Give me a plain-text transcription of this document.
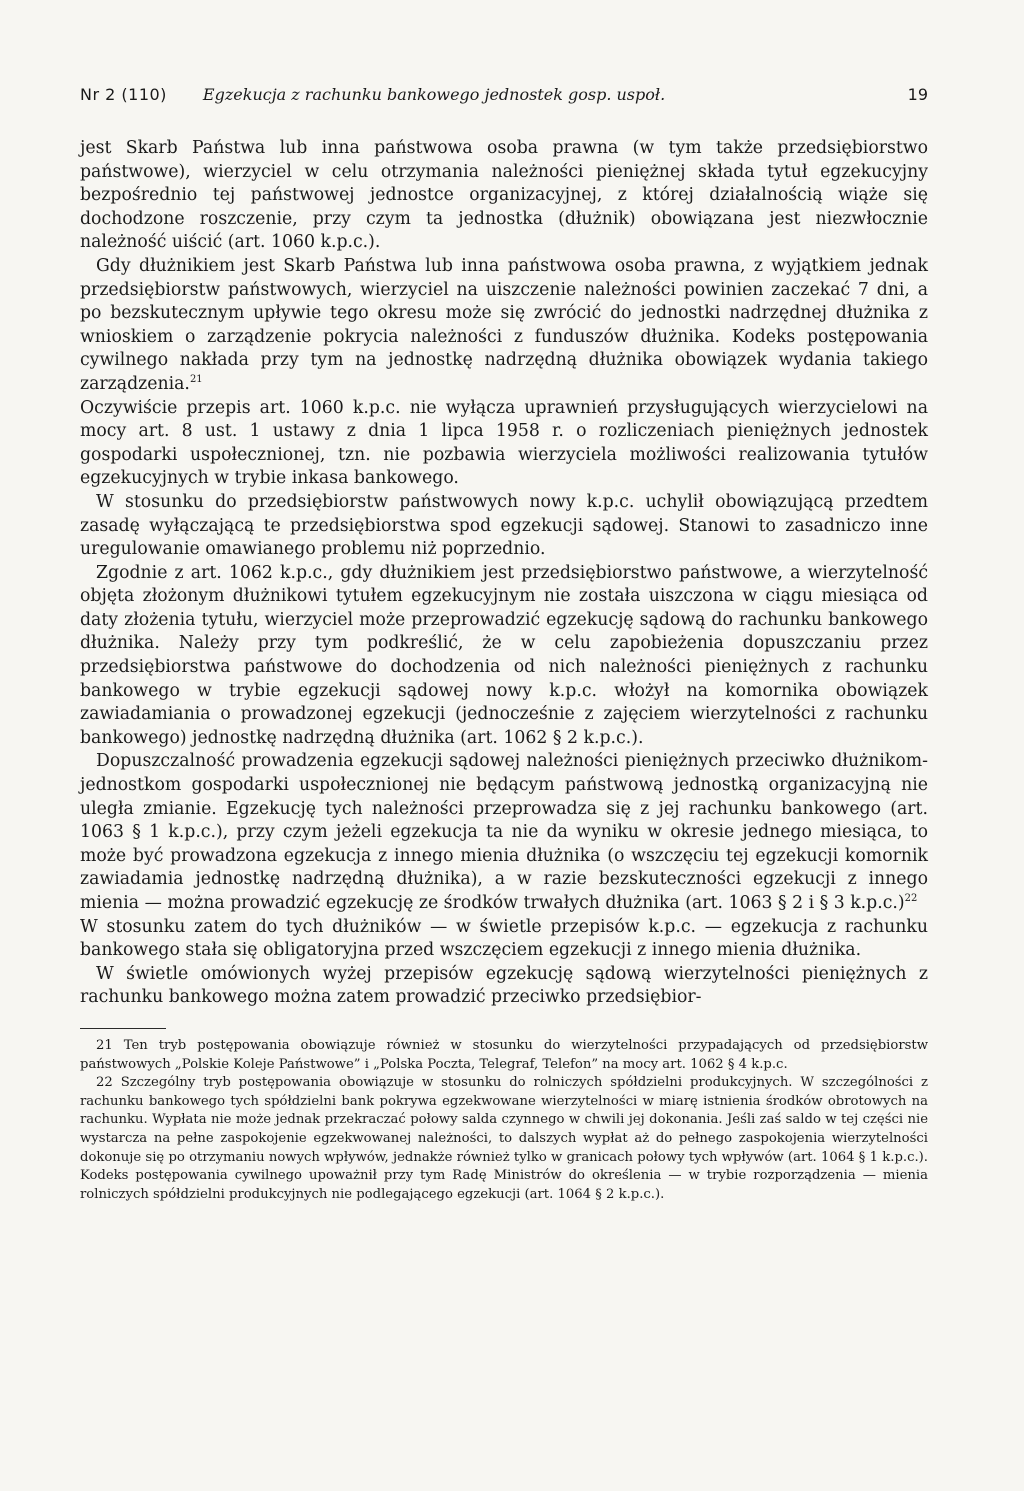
Nr 2 (110) Egzekucja z rachunku bankowego jednostek gosp. uspoł.	19

jest Skarb Państwa lub inna państwowa osoba prawna (w tym także przedsiębiorstwo państwowe), wierzyciel w celu otrzymania należności pieniężnej składa tytuł egzekucyjny bezpośrednio tej państwowej jednostce organizacyjnej, z której działalnością wiąże się dochodzone roszczenie, przy czym ta jednostka (dłużnik) obowiązana jest niezwłocznie należność uiścić (art. 1060 k.p.c.).

Gdy dłużnikiem jest Skarb Państwa lub inna państwowa osoba prawna, z wyjątkiem jednak przedsiębiorstw państwowych, wierzyciel na uiszczenie należności powinien zaczekać 7 dni, a po bezskutecznym upływie tego okresu może się zwrócić do jednostki nadrzędnej dłużnika z wnioskiem o zarządzenie pokrycia należności z funduszów dłużnika. Kodeks postępowania cywilnego nakłada przy tym na jednostkę nadrzędną dłużnika obowiązek wydania takiego zarządzenia.$^{21}$

Oczywiście przepis art. 1060 k.p.c. nie wyłącza uprawnień przysługujących wierzycielowi na mocy art. 8 ust. 1 ustawy z dnia 1 lipca 1958 r. o rozliczeniach pieniężnych jednostek gospodarki uspołecznionej, tzn. nie pozbawia wierzyciela możliwości realizowania tytułów egzekucyjnych w trybie inkasa bankowego.

W stosunku do przedsiębiorstw państwowych nowy k.p.c. uchylił obowiązującą przedtem zasadę wyłączającą te przedsiębiorstwa spod egzekucji sądowej. Stanowi to zasadniczo inne uregulowanie omawianego problemu niż poprzednio.

Zgodnie z art. 1062 k.p.c., gdy dłużnikiem jest przedsiębiorstwo państwowe, a wierzytelność objęta złożonym dłużnikowi tytułem egzekucyjnym nie została uiszczona w ciągu miesiąca od daty złożenia tytułu, wierzyciel może przeprowadzić egzekucję sądową do rachunku bankowego dłużnika. Należy przy tym podkreślić, że w celu zapobieżenia dopuszczaniu przez przedsiębiorstwa państwowe do dochodzenia od nich należności pieniężnych z rachunku bankowego w trybie egzekucji sądowej nowy k.p.c. włożył na komornika obowiązek zawiadamiania o prowadzonej egzekucji (jednocześnie z zajęciem wierzytelności z rachunku bankowego) jednostkę nadrzędną dłużnika (art. 1062 § 2 k.p.c.).

Dopuszczalność prowadzenia egzekucji sądowej należności pieniężnych przeciwko dłużnikom-jednostkom gospodarki uspołecznionej nie będącym państwową jednostką organizacyjną nie uległa zmianie. Egzekucję tych należności przeprowadza się z jej rachunku bankowego (art. 1063 § 1 k.p.c.), przy czym jeżeli egzekucja ta nie da wyniku w okresie jednego miesiąca, to może być prowadzona egzekucja z innego mienia dłużnika (o wszczęciu tej egzekucji komornik zawiadamia jednostkę nadrzędną dłużnika), a w razie bezskuteczności egzekucji z innego mienia — można prowadzić egzekucję ze środków trwałych dłużnika (art. 1063 § 2 i § 3 k.p.c.)$^{22}$

W stosunku zatem do tych dłużników — w świetle przepisów k.p.c. — egzekucja z rachunku bankowego stała się obligatoryjna przed wszczęciem egzekucji z innego mienia dłużnika.

W świetle omówionych wyżej przepisów egzekucję sądową wierzytelności pieniężnych z rachunku bankowego można zatem prowadzić przeciwko przedsiębior-

21 Ten tryb postępowania obowiązuje również w stosunku do wierzytelności przypadających od przedsiębiorstw państwowych „Polskie Koleje Państwowe” i „Polska Poczta, Telegraf, Telefon” na mocy art. 1062 § 4 k.p.c.

22 Szczególny tryb postępowania obowiązuje w stosunku do rolniczych spółdzielni produkcyjnych. W szczególności z rachunku bankowego tych spółdzielni bank pokrywa egzekwowane wierzytelności w miarę istnienia środków obrotowych na rachunku. Wypłata nie może jednak przekraczać połowy salda czynnego w chwili jej dokonania. Jeśli zaś saldo w tej części nie wystarcza na pełne zaspokojenie egzekwowanej należności, to dalszych wypłat aż do pełnego zaspokojenia wierzytelności dokonuje się po otrzymaniu nowych wpływów, jednakże również tylko w granicach połowy tych wpływów (art. 1064 § 1 k.p.c.). Kodeks postępowania cywilnego upoważnił przy tym Radę Ministrów do określenia — w trybie rozporządzenia — mienia rolniczych spółdzielni produkcyjnych nie podlegającego egzekucji (art. 1064 § 2 k.p.c.).
